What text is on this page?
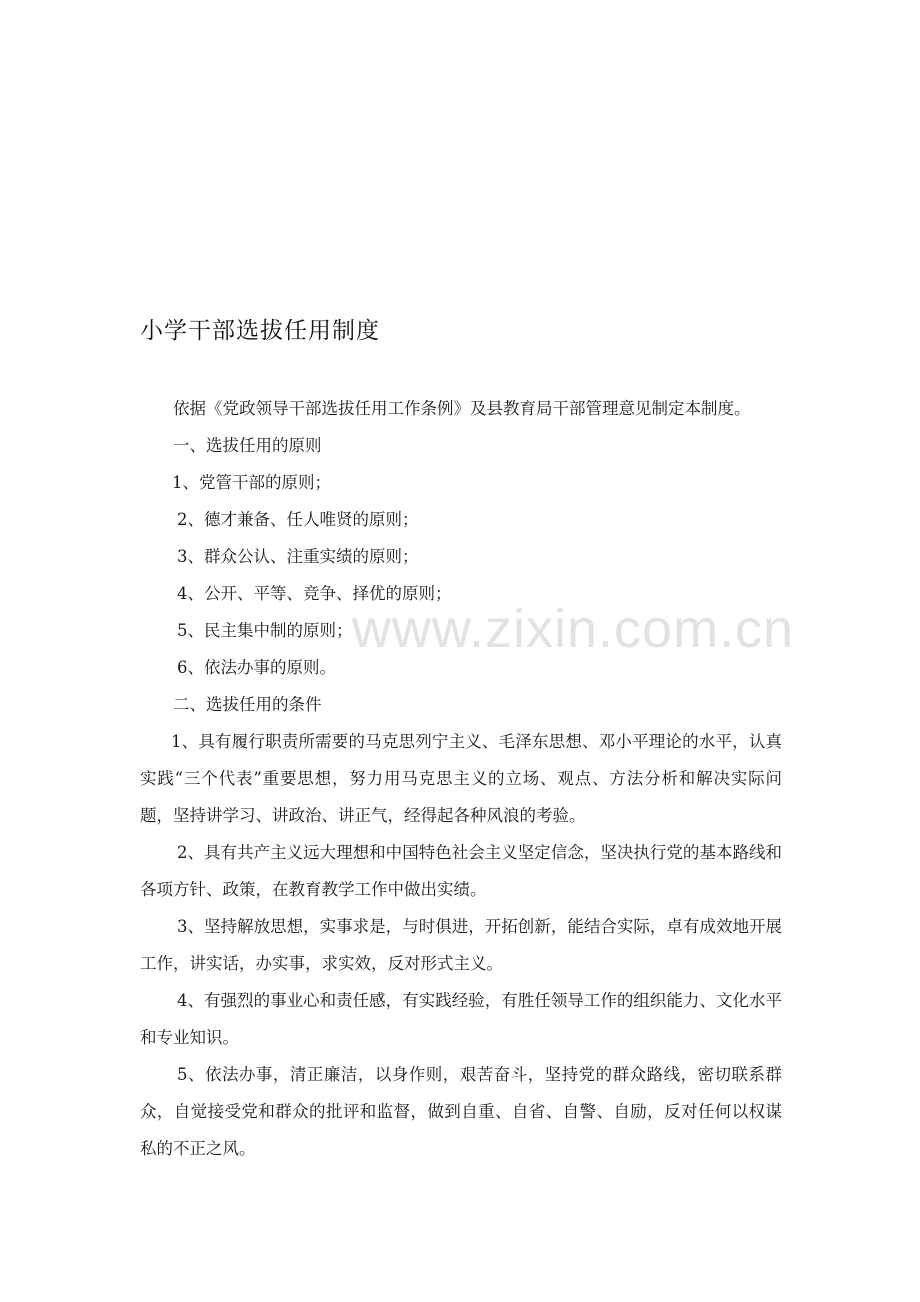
小学干部选拔任用制度

依据《党政领导干部选拔任用工作条例》及县教育局干部管理意见制定本制度。

一、选拔任用的原则

1、党管干部的原则；

2、德才兼备、任人唯贤的原则；

3、群众公认、注重实绩的原则；

4、公开、平等、竞争、择优的原则；

5、民主集中制的原则；

6、依法办事的原则。

二、选拔任用的条件

1、具有履行职责所需要的马克思列宁主义、毛泽东思想、邓小平理论的水平，认真实践“三个代表”重要思想，努力用马克思主义的立场、观点、方法分析和解决实际问题，坚持讲学习、讲政治、讲正气，经得起各种风浪的考验。

2、具有共产主义远大理想和中国特色社会主义坚定信念，坚决执行党的基本路线和各项方针、政策，在教育教学工作中做出实绩。

3、坚持解放思想，实事求是，与时俱进，开拓创新，能结合实际，卓有成效地开展工作，讲实话，办实事，求实效，反对形式主义。

4、有强烈的事业心和责任感，有实践经验，有胜任领导工作的组织能力、文化水平和专业知识。

5、依法办事，清正廉洁，以身作则，艰苦奋斗，坚持党的群众路线，密切联系群众，自觉接受党和群众的批评和监督，做到自重、自省、自警、自励，反对任何以权谋私的不正之风。

www.zixin.com.cn
